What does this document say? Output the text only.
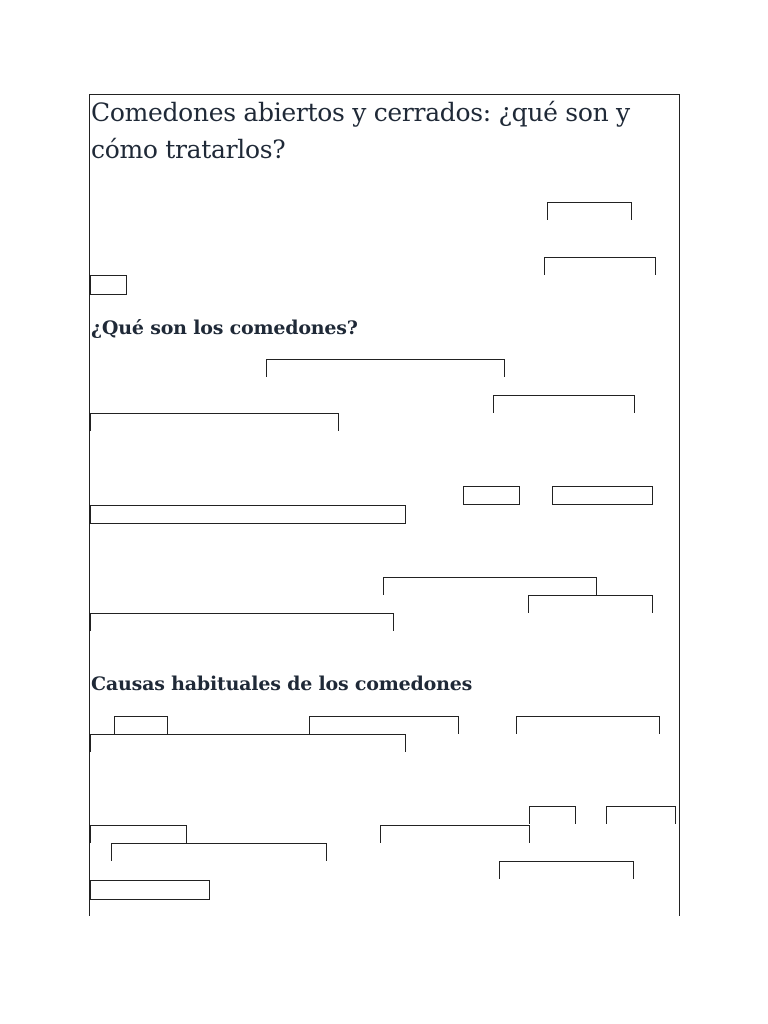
Comedones abiertos y cerrados: ¿qué son y cómo tratarlos?
¿Qué son los comedones?
Causas habituales de los comedones
